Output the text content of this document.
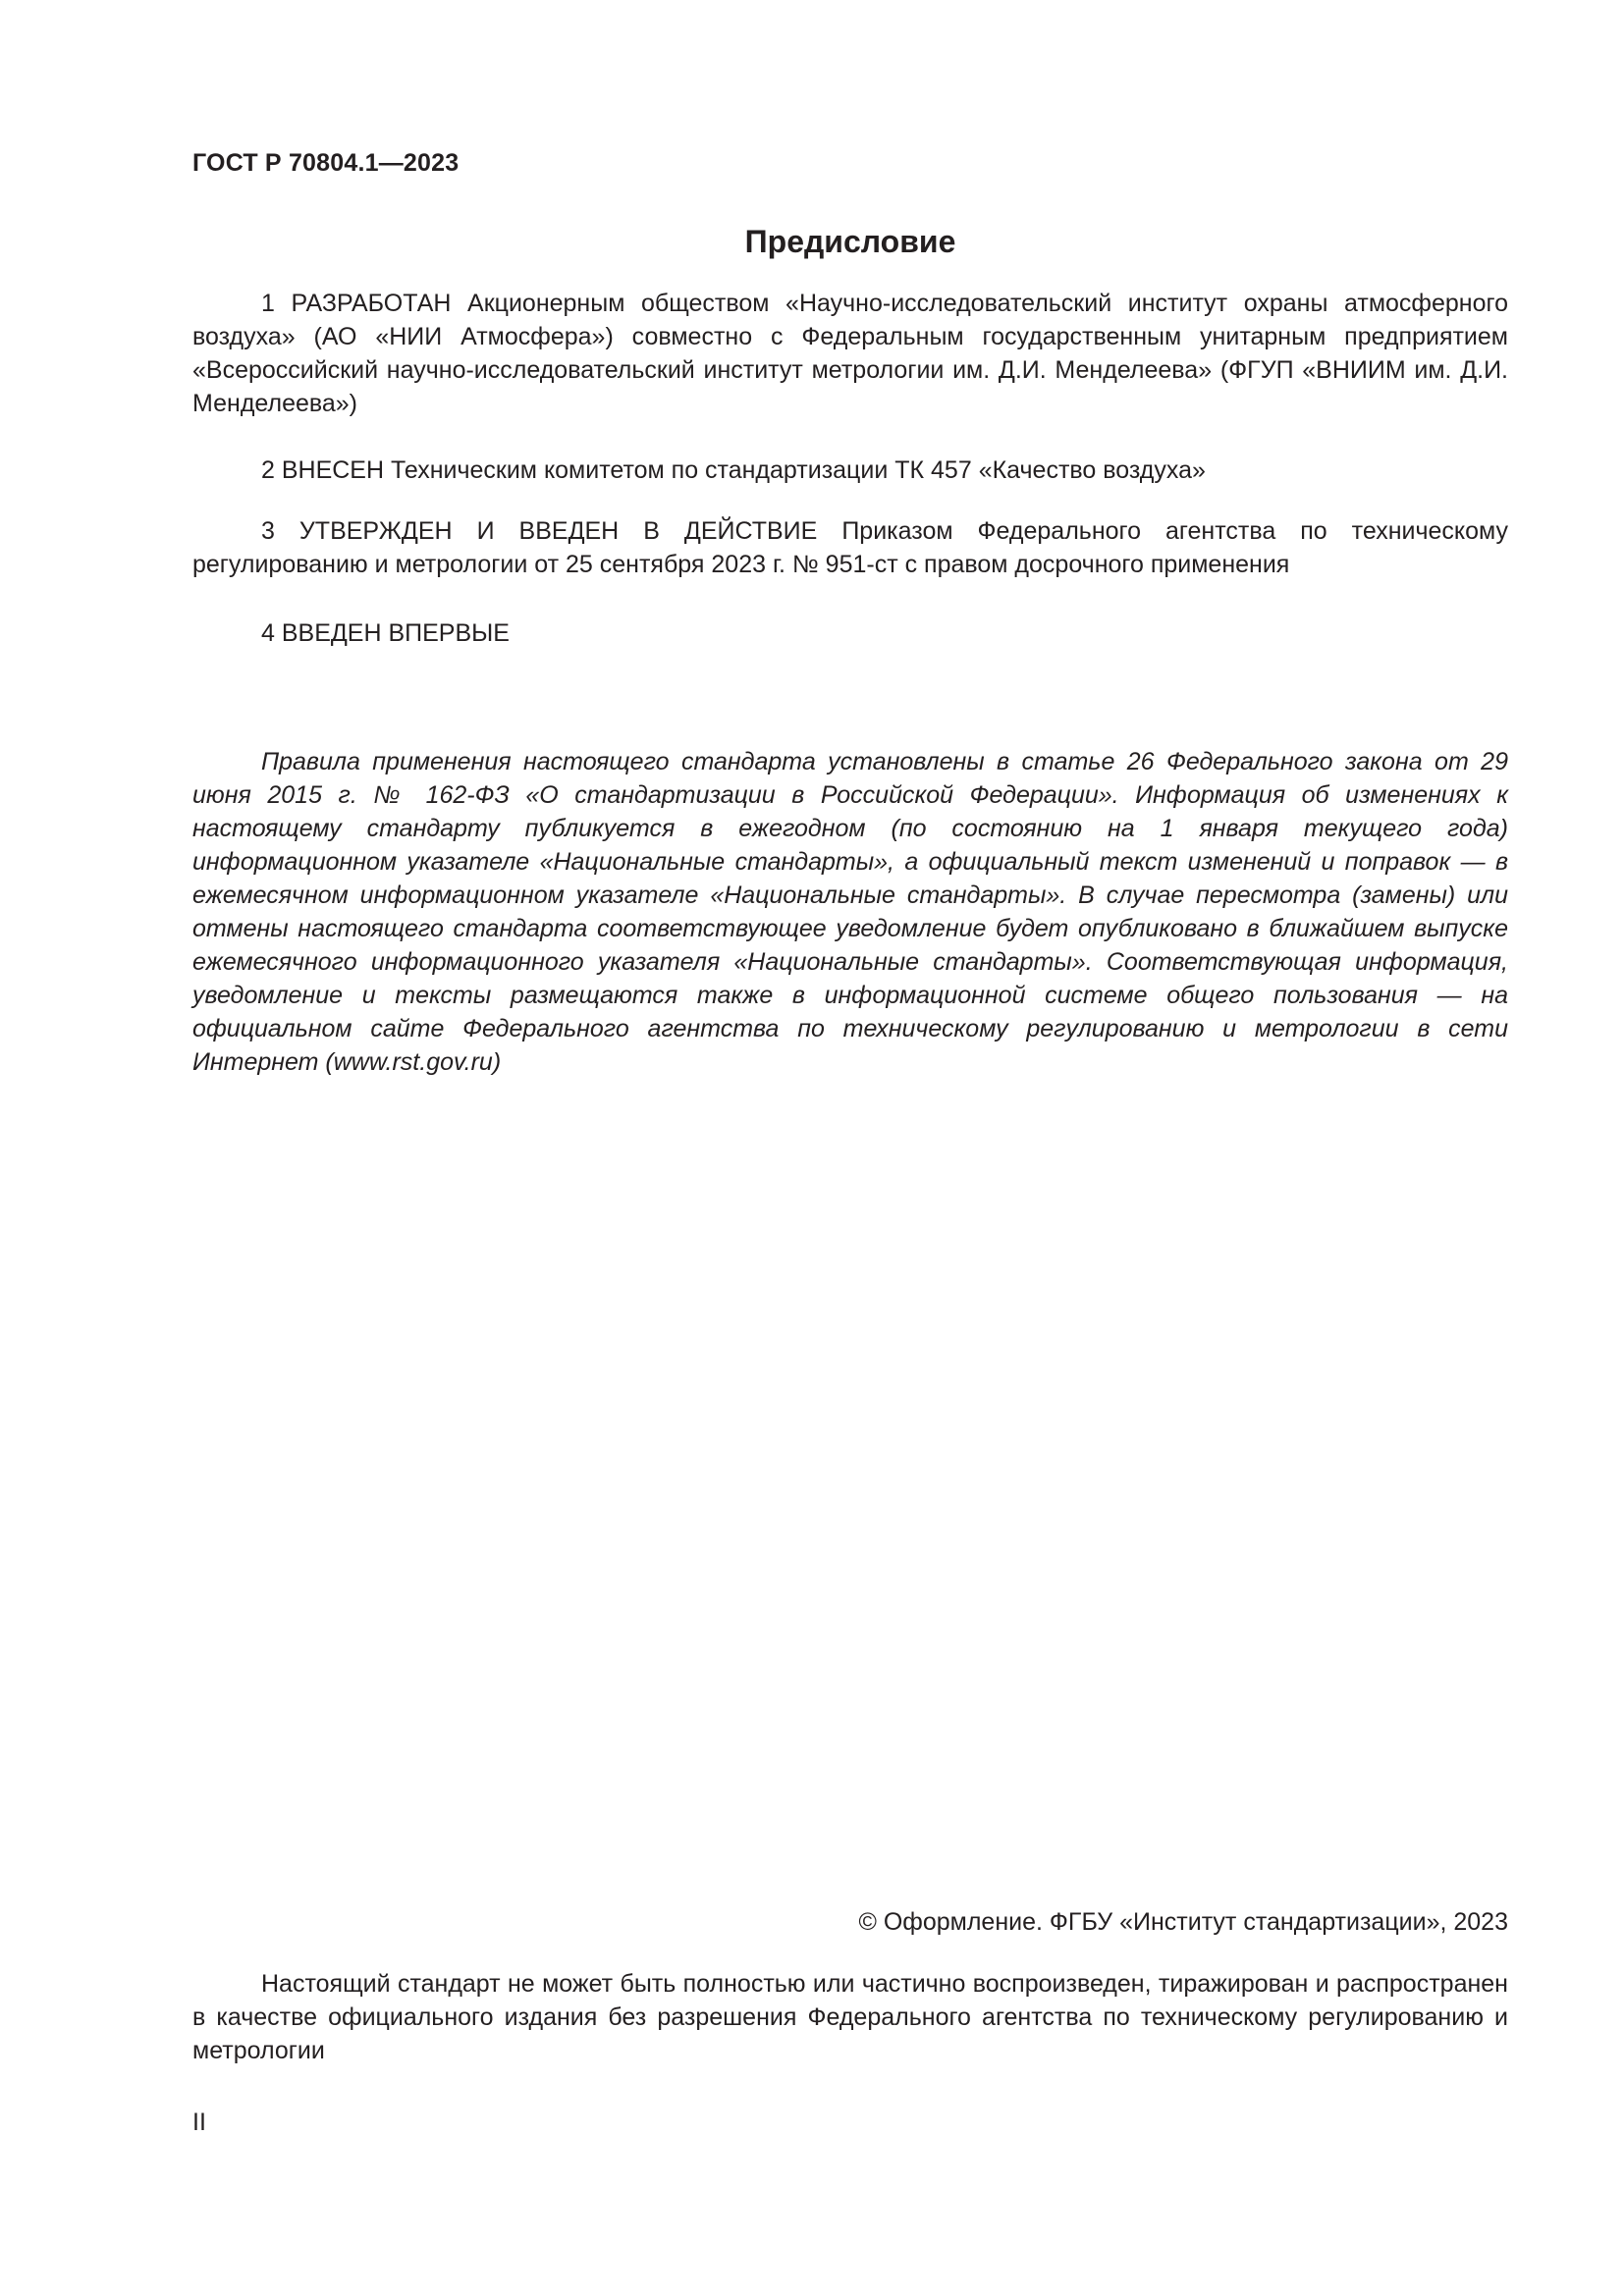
ГОСТ Р 70804.1—2023
Предисловие

1 РАЗРАБОТАН Акционерным обществом «Научно-исследовательский институт охраны атмосферного воздуха» (АО «НИИ Атмосфера») совместно с Федеральным государственным унитарным предприятием «Всероссийский научно-исследовательский институт метрологии им. Д.И. Менделеева» (ФГУП «ВНИИМ им. Д.И. Менделеева»)

2 ВНЕСЕН Техническим комитетом по стандартизации ТК 457 «Качество воздуха»

3 УТВЕРЖДЕН И ВВЕДЕН В ДЕЙСТВИЕ Приказом Федерального агентства по техническому регулированию и метрологии от 25 сентября 2023 г. № 951-ст с правом досрочного применения

4 ВВЕДЕН ВПЕРВЫЕ

Правила применения настоящего стандарта установлены в статье 26 Федерального закона от 29 июня 2015 г. № 162-ФЗ «О стандартизации в Российской Федерации». Информация об изменениях к настоящему стандарту публикуется в ежегодном (по состоянию на 1 января текущего года) информационном указателе «Национальные стандарты», а официальный текст изменений и поправок — в ежемесячном информационном указателе «Национальные стандарты». В случае пересмотра (замены) или отмены настоящего стандарта соответствующее уведомление будет опубликовано в ближайшем выпуске ежемесячного информационного указателя «Национальные стандарты». Соответствующая информация, уведомление и тексты размещаются также в информационной системе общего пользования — на официальном сайте Федерального агентства по техническому регулированию и метрологии в сети Интернет (www.rst.gov.ru)

© Оформление. ФГБУ «Институт стандартизации», 2023

Настоящий стандарт не может быть полностью или частично воспроизведен, тиражирован и распространен в качестве официального издания без разрешения Федерального агентства по техническому регулированию и метрологии

II
